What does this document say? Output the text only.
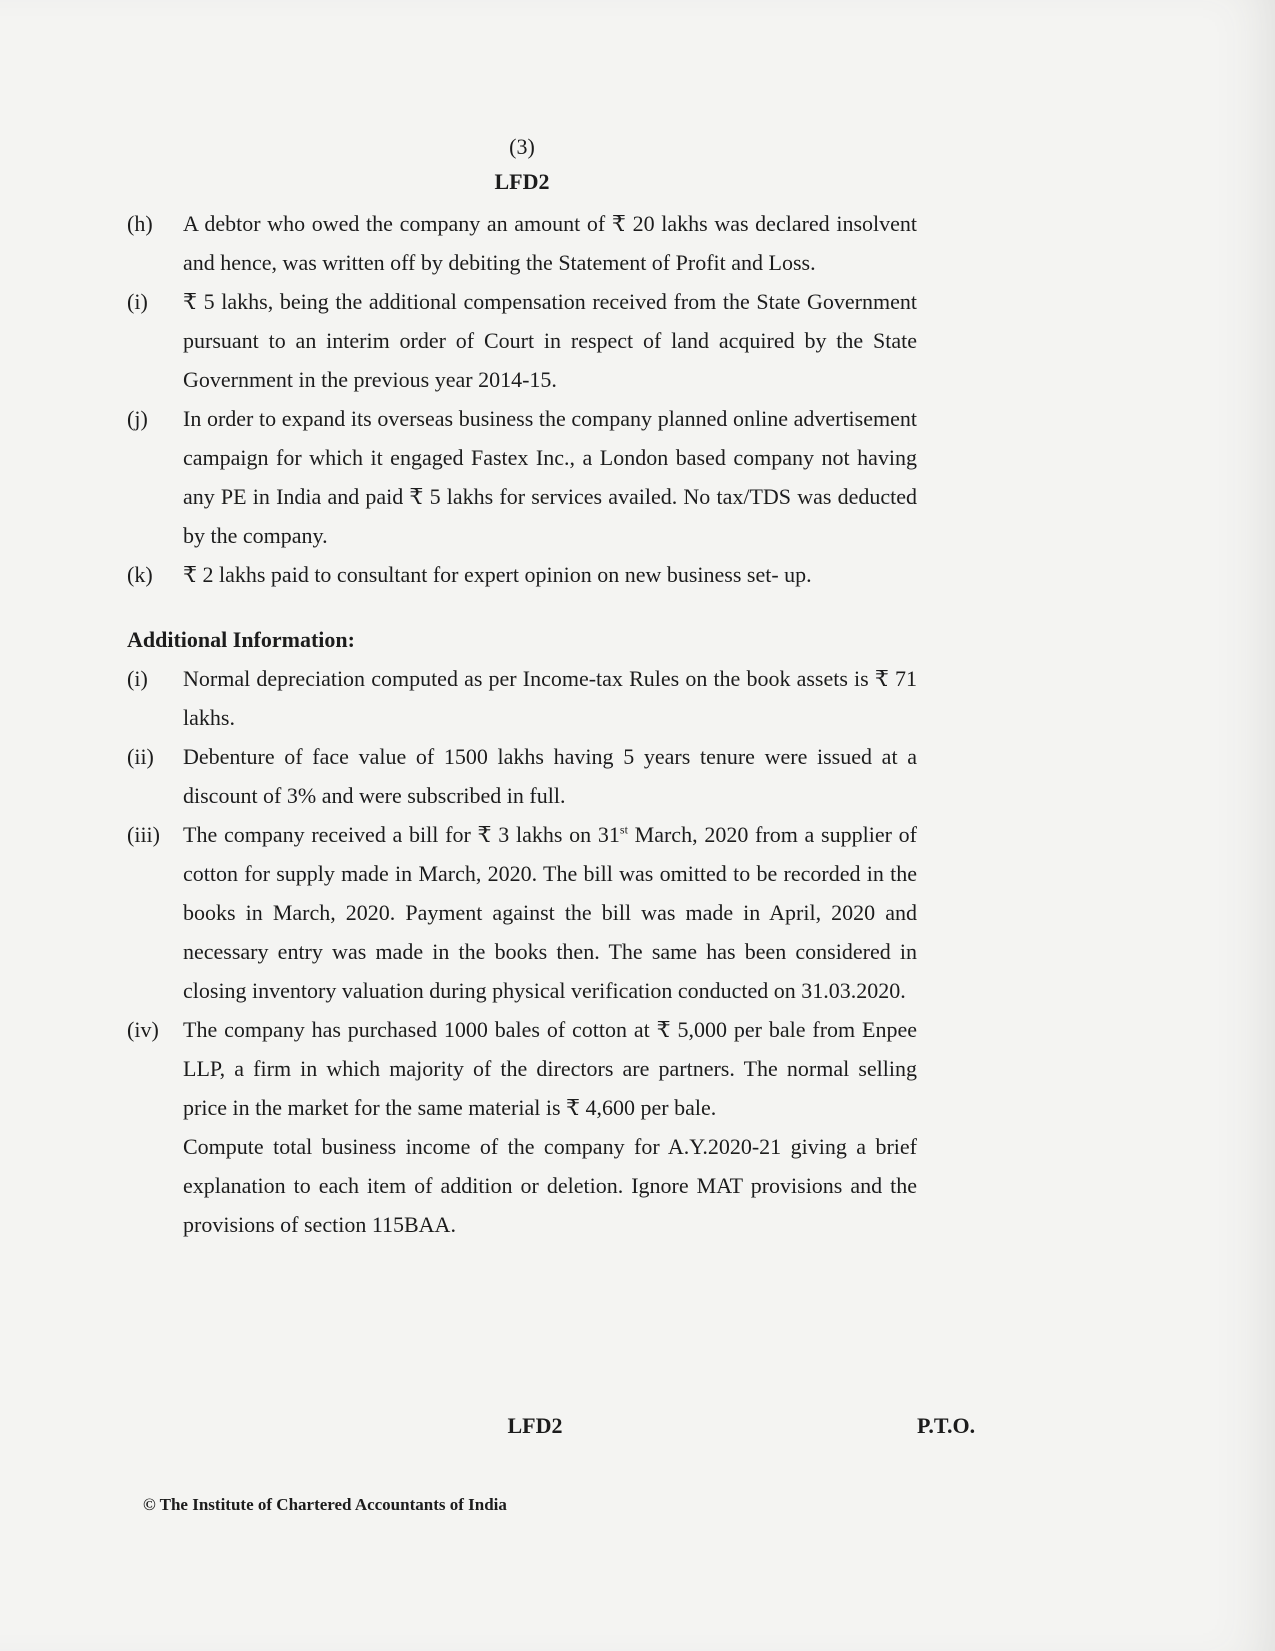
(3)
LFD2
(h)	A debtor who owed the company an amount of ₹ 20 lakhs was declared insolvent and hence, was written off by debiting the Statement of Profit and Loss.
(i)	₹ 5 lakhs, being the additional compensation received from the State Government pursuant to an interim order of Court in respect of land acquired by the State Government in the previous year 2014-15.
(j)	In order to expand its overseas business the company planned online advertisement campaign for which it engaged Fastex Inc., a London based company not having any PE in India and paid ₹ 5 lakhs for services availed. No tax/TDS was deducted by the company.
(k)	₹ 2 lakhs paid to consultant for expert opinion on new business set- up.
Additional Information:
(i)	Normal depreciation computed as per Income-tax Rules on the book assets is ₹ 71 lakhs.
(ii)	Debenture of face value of 1500 lakhs having 5 years tenure were issued at a discount of 3% and were subscribed in full.
(iii)	The company received a bill for ₹ 3 lakhs on 31st March, 2020 from a supplier of cotton for supply made in March, 2020. The bill was omitted to be recorded in the books in March, 2020. Payment against the bill was made in April, 2020 and necessary entry was made in the books then. The same has been considered in closing inventory valuation during physical verification conducted on 31.03.2020.
(iv)	The company has purchased 1000 bales of cotton at ₹ 5,000 per bale from Enpee LLP, a firm in which majority of the directors are partners. The normal selling price in the market for the same material is ₹ 4,600 per bale.
Compute total business income of the company for A.Y.2020-21 giving a brief explanation to each item of addition or deletion. Ignore MAT provisions and the provisions of section 115BAA.
LFD2	P.T.O.
© The Institute of Chartered Accountants of India
